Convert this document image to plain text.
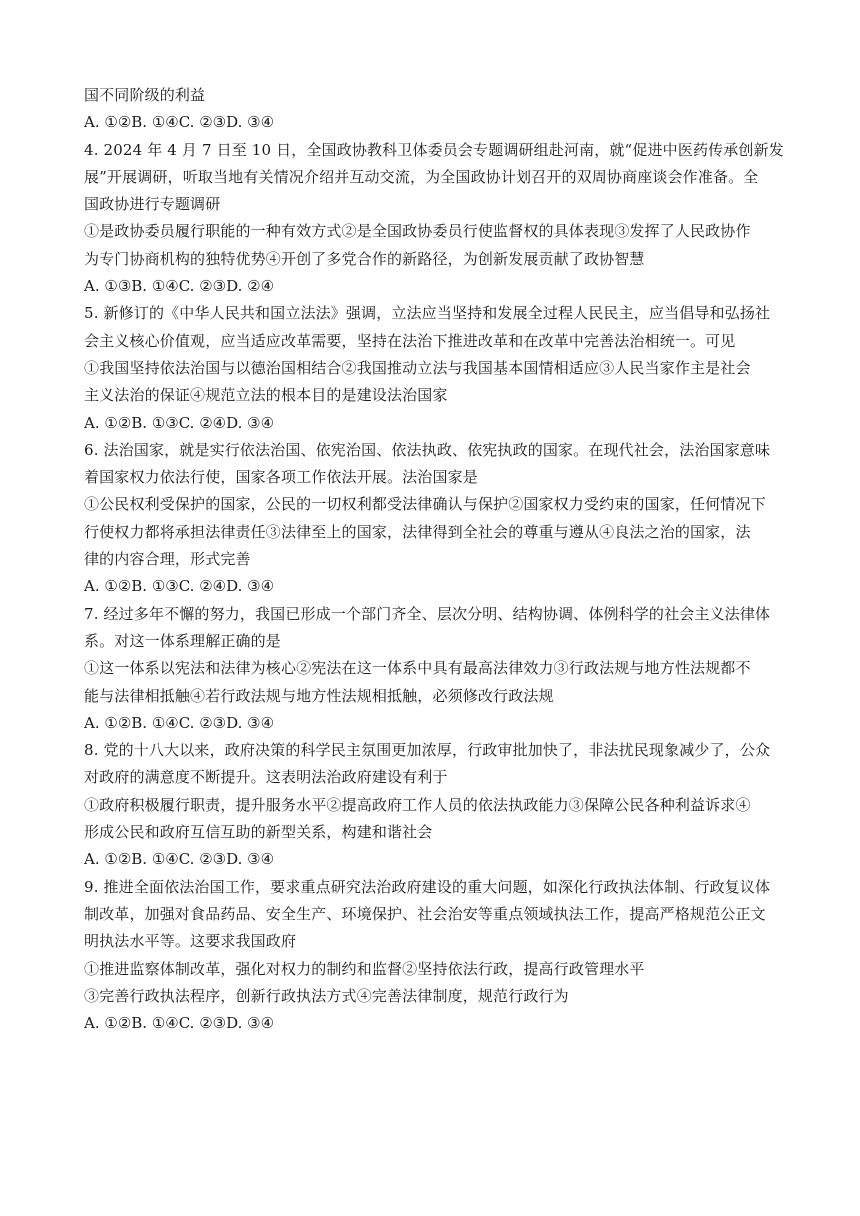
国不同阶级的利益
A. ①②B. ①④C. ②③D. ③④
4. 2024 年 4 月 7 日至 10 日，全国政协教科卫体委员会专题调研组赴河南，就“促进中医药传承创新发
展”开展调研，听取当地有关情况介绍并互动交流，为全国政协计划召开的双周协商座谈会作准备。全
国政协进行专题调研
①是政协委员履行职能的一种有效方式②是全国政协委员行使监督权的具体表现③发挥了人民政协作
为专门协商机构的独特优势④开创了多党合作的新路径，为创新发展贡献了政协智慧
A. ①③B. ①④C. ②③D. ②④
5. 新修订的《中华人民共和国立法法》强调，立法应当坚持和发展全过程人民民主，应当倡导和弘扬社
会主义核心价值观，应当适应改革需要，坚持在法治下推进改革和在改革中完善法治相统一。可见
①我国坚持依法治国与以德治国相结合②我国推动立法与我国基本国情相适应③人民当家作主是社会
主义法治的保证④规范立法的根本目的是建设法治国家
A. ①②B. ①③C. ②④D. ③④
6. 法治国家，就是实行依法治国、依宪治国、依法执政、依宪执政的国家。在现代社会，法治国家意味
着国家权力依法行使，国家各项工作依法开展。法治国家是
①公民权利受保护的国家，公民的一切权利都受法律确认与保护②国家权力受约束的国家，任何情况下
行使权力都将承担法律责任③法律至上的国家，法律得到全社会的尊重与遵从④良法之治的国家，法
律的内容合理，形式完善
A. ①②B. ①③C. ②④D. ③④
7. 经过多年不懈的努力，我国已形成一个部门齐全、层次分明、结构协调、体例科学的社会主义法律体
系。对这一体系理解正确的是
①这一体系以宪法和法律为核心②宪法在这一体系中具有最高法律效力③行政法规与地方性法规都不
能与法律相抵触④若行政法规与地方性法规相抵触，必须修改行政法规
A. ①②B. ①④C. ②③D. ③④
8. 党的十八大以来，政府决策的科学民主氛围更加浓厚，行政审批加快了，非法扰民现象减少了，公众
对政府的满意度不断提升。这表明法治政府建设有利于
①政府积极履行职责，提升服务水平②提高政府工作人员的依法执政能力③保障公民各种利益诉求④
形成公民和政府互信互助的新型关系，构建和谐社会
A. ①②B. ①④C. ②③D. ③④
9. 推进全面依法治国工作，要求重点研究法治政府建设的重大问题，如深化行政执法体制、行政复议体
制改革，加强对食品药品、安全生产、环境保护、社会治安等重点领域执法工作，提高严格规范公正文
明执法水平等。这要求我国政府
①推进监察体制改革，强化对权力的制约和监督②坚持依法行政，提高行政管理水平
③完善行政执法程序，创新行政执法方式④完善法律制度，规范行政行为
A. ①②B. ①④C. ②③D. ③④
